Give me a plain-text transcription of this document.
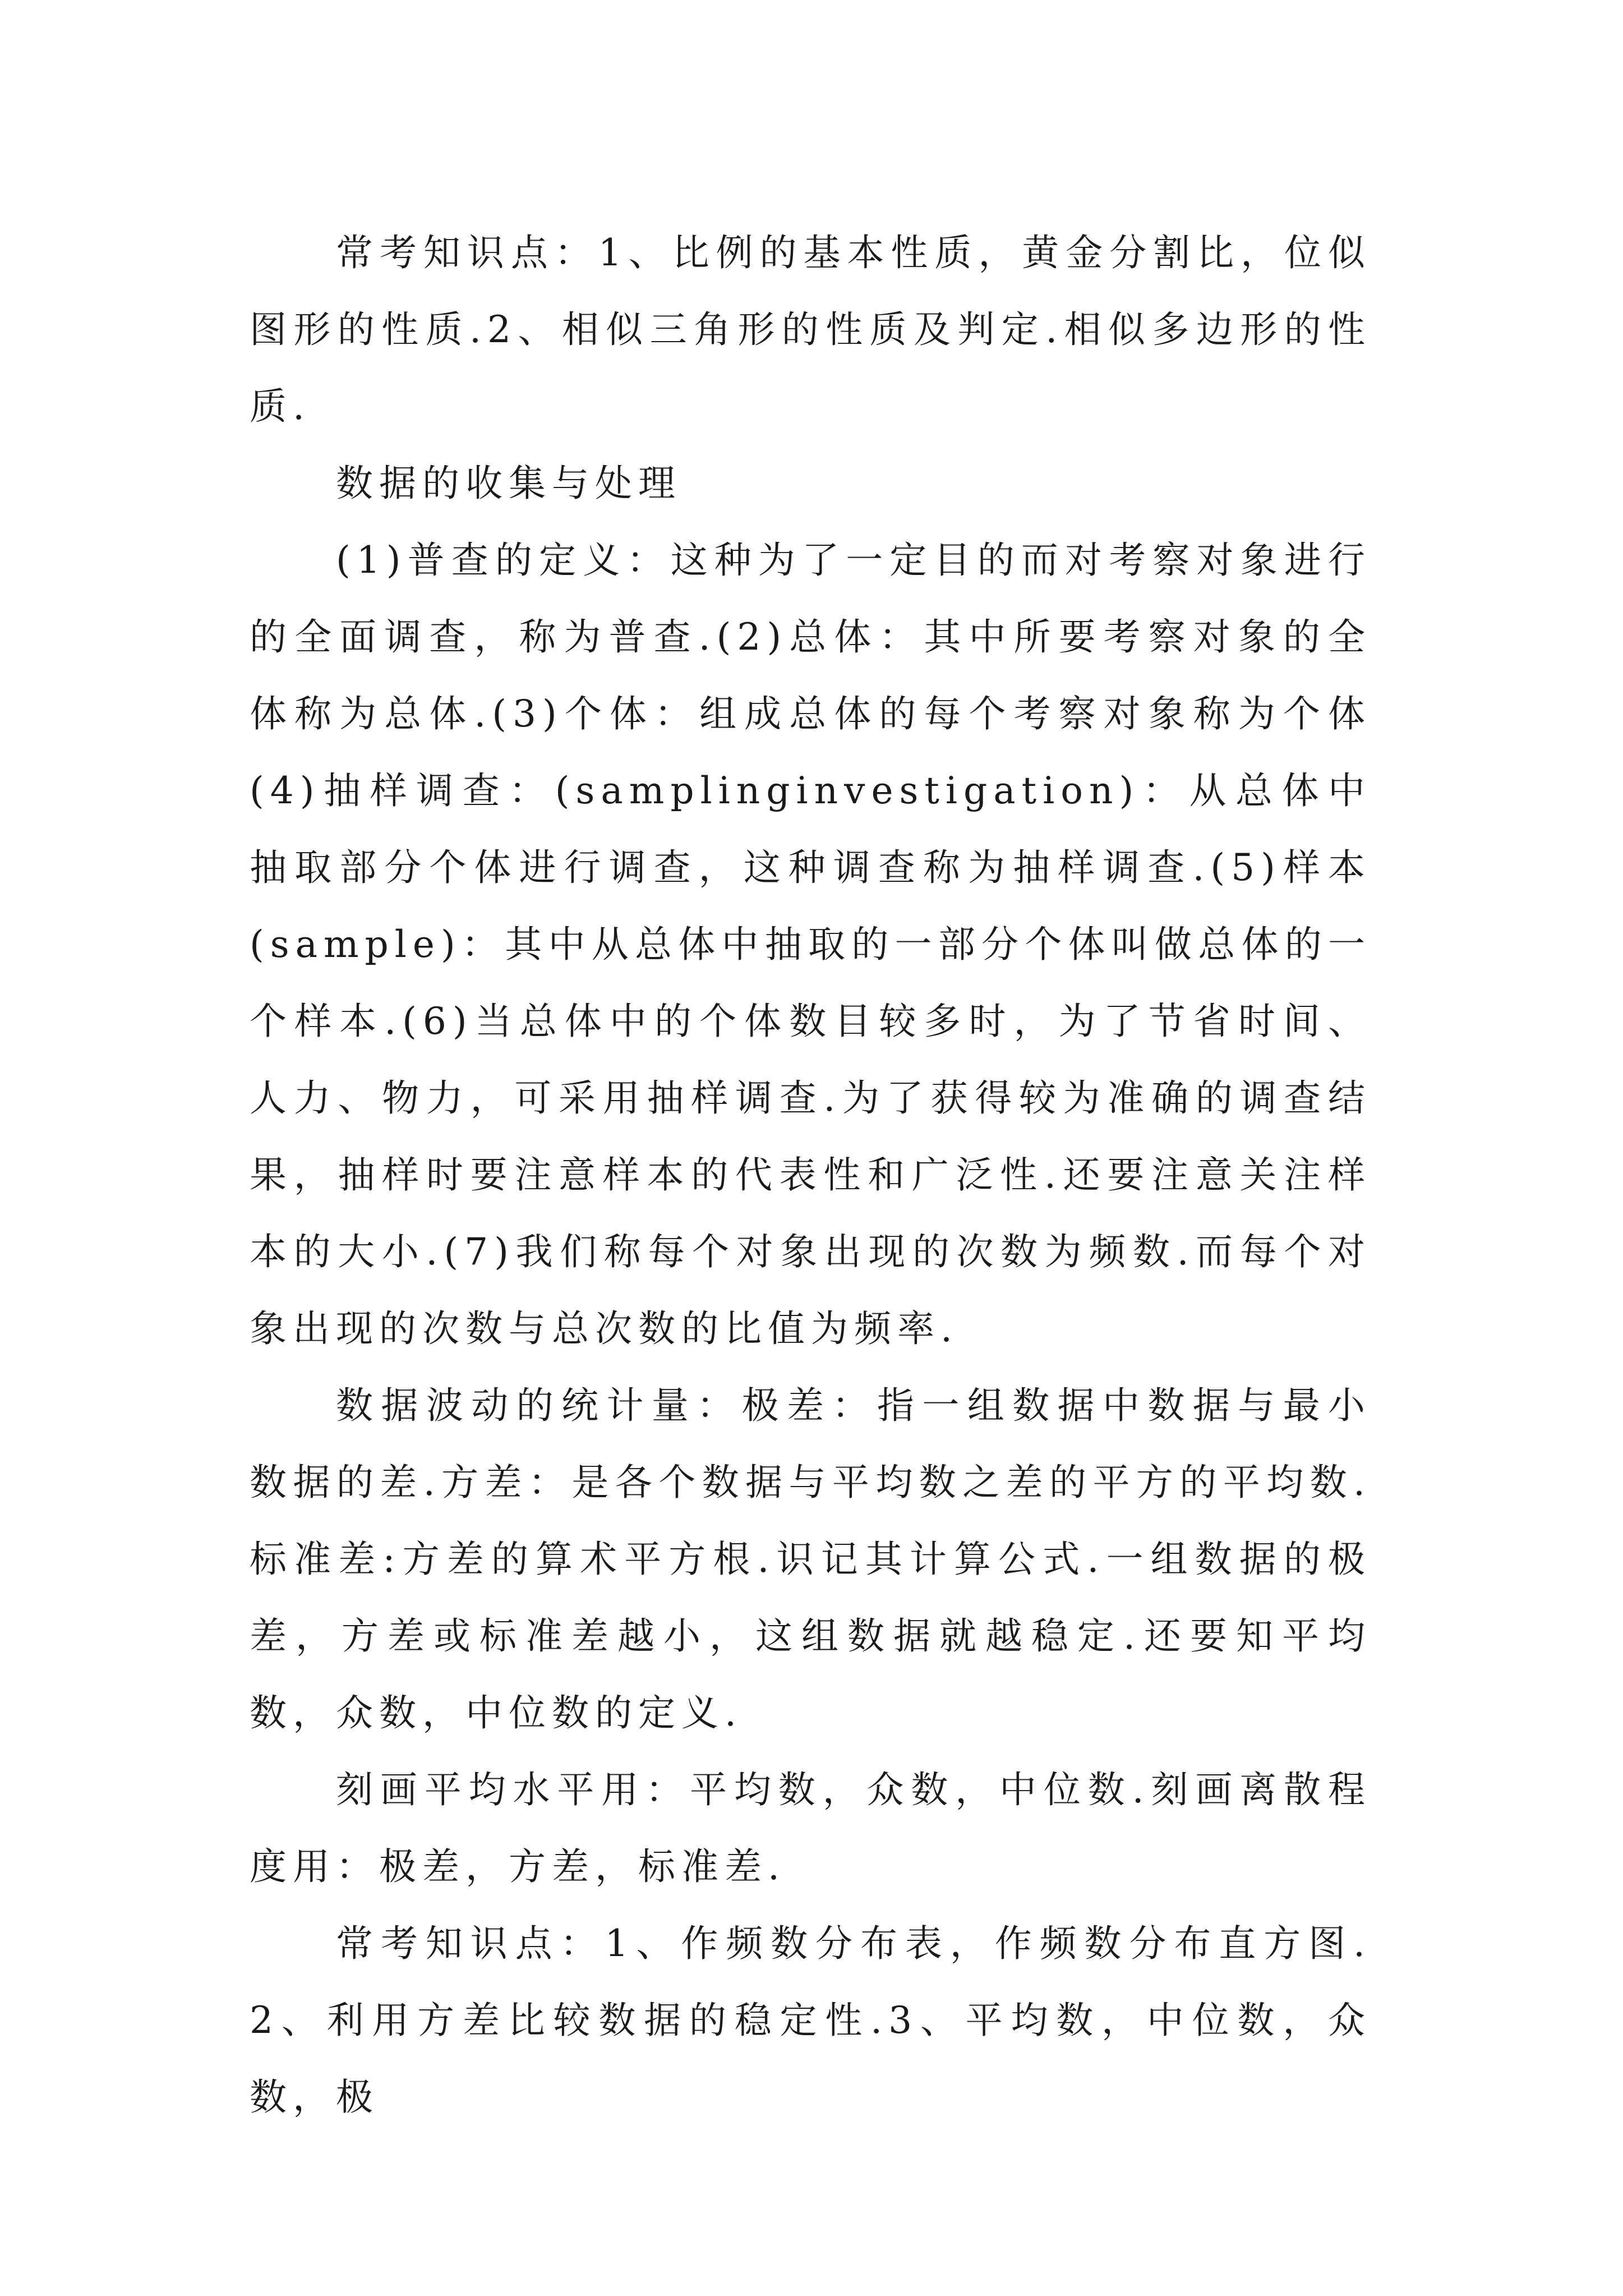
常考知识点：1、比例的基本性质，黄金分割比，位似图形的性质.2、相似三角形的性质及判定.相似多边形的性质.

数据的收集与处理

(1)普查的定义：这种为了一定目的而对考察对象进行的全面调查，称为普查.(2)总体：其中所要考察对象的全体称为总体.(3)个体：组成总体的每个考察对象称为个体(4)抽样调查：(samplinginvestigation)：从总体中抽取部分个体进行调查，这种调查称为抽样调查.(5)样本(sample)：其中从总体中抽取的一部分个体叫做总体的一个样本.(6)当总体中的个体数目较多时，为了节省时间、人力、物力，可采用抽样调查.为了获得较为准确的调查结果，抽样时要注意样本的代表性和广泛性.还要注意关注样本的大小.(7)我们称每个对象出现的次数为频数.而每个对象出现的次数与总次数的比值为频率.

数据波动的统计量：极差：指一组数据中数据与最小数据的差.方差：是各个数据与平均数之差的平方的平均数.标准差:方差的算术平方根.识记其计算公式.一组数据的极差，方差或标准差越小，这组数据就越稳定.还要知平均数，众数，中位数的定义.

刻画平均水平用：平均数，众数，中位数.刻画离散程度用：极差，方差，标准差.

常考知识点：1、作频数分布表，作频数分布直方图.2、利用方差比较数据的稳定性.3、平均数，中位数，众数，极
